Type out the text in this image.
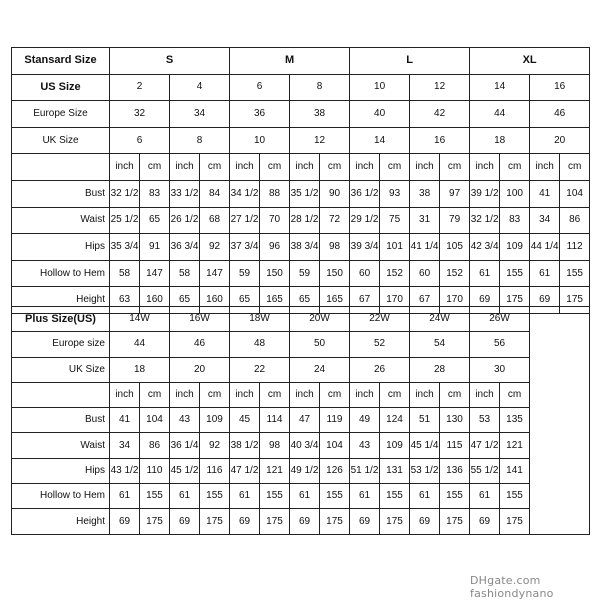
Stansard Size	S				M				L				XL			
US Size	2		4		6		8		10		12		14		16	
Europe Size	32		34		36		38		40		42		44		46	
UK Size	6		8		10		12		14		16		18		20	
	inch	cm	inch	cm	inch	cm	inch	cm	inch	cm	inch	cm	inch	cm	inch	cm
Bust	32 1/2	83	33 1/2	84	34 1/2	88	35 1/2	90	36 1/2	93	38	97	39 1/2	100	41	104
Waist	25 1/2	65	26 1/2	68	27 1/2	70	28 1/2	72	29 1/2	75	31	79	32 1/2	83	34	86
Hips	35 3/4	91	36 3/4	92	37 3/4	96	38 3/4	98	39 3/4	101	41 1/4	105	42 3/4	109	44 1/4	112
Hollow to Hem	58	147	58	147	59	150	59	150	60	152	60	152	61	155	61	155
Height	63	160	65	160	65	165	65	165	67	170	67	170	69	175	69	175
Plus Size(US)	14W		16W		18W		20W		22W		24W		26W		
Europe size	44		46		48		50		52		54		56		
UK Size	18		20		22		24		26		28		30		
	inch	cm	inch	cm	inch	cm	inch	cm	inch	cm	inch	cm	inch	cm	
Bust	41	104	43	109	45	114	47	119	49	124	51	130	53	135	
Waist	34	86	36 1/4	92	38 1/2	98	40 3/4	104	43	109	45 1/4	115	47 1/2	121	
Hips	43 1/2	110	45 1/2	116	47 1/2	121	49 1/2	126	51 1/2	131	53 1/2	136	55 1/2	141	
Hollow to Hem	61	155	61	155	61	155	61	155	61	155	61	155	61	155	
Height	69	175	69	175	69	175	69	175	69	175	69	175	69	175	
DHgate.com fashiondynano
